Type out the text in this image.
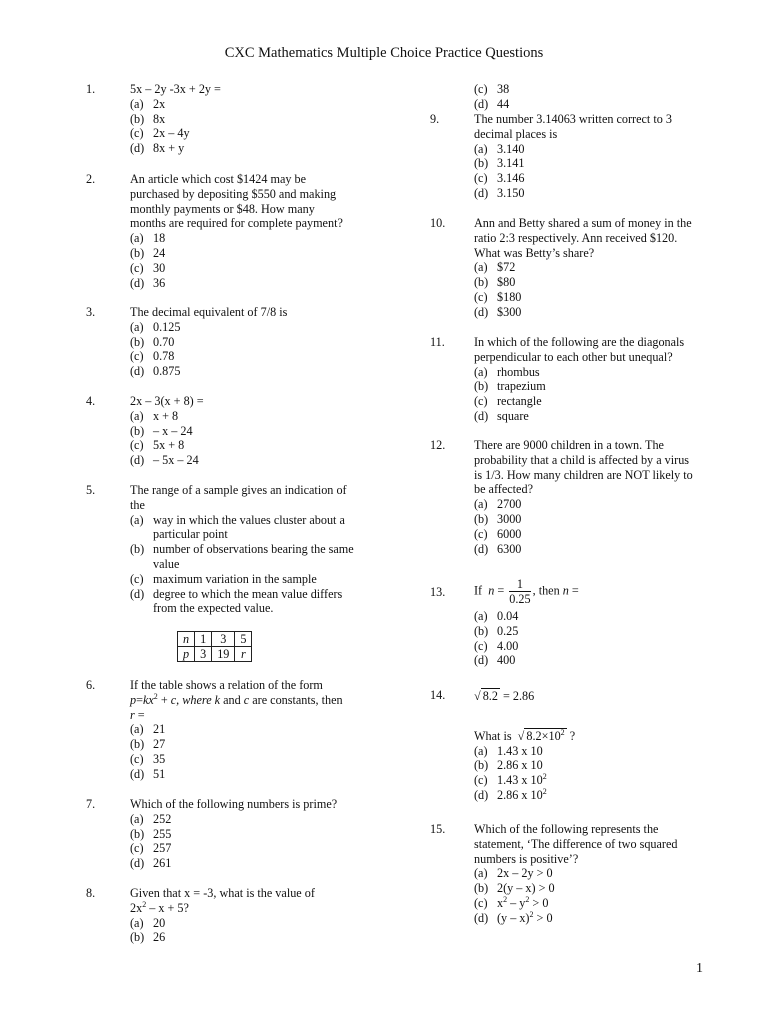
CXC Mathematics Multiple Choice Practice Questions
1.	5x – 2y -3x + 2y =
(a) 2x
(b) 8x
(c) 2x – 4y
(d) 8x + y
2.	An article which cost $1424 may be
purchased by depositing $550 and making
monthly payments or $48. How many
months are required for complete payment?
(a) 18
(b) 24
(c) 30
(d) 36
3.	The decimal equivalent of 7/8 is
(a) 0.125
(b) 0.70
(c) 0.78
(d) 0.875
4.	2x – 3(x + 8) =
(a) x + 8
(b) – x – 24
(c) 5x + 8
(d) – 5x – 24
5.	The range of a sample gives an indication of
the
(a) way in which the values cluster about a particular point
(b) number of observations bearing the same value
(c) maximum variation in the sample
(d) degree to which the mean value differs from the expected value.
n	1	3	5
p	3	19	r
6.	If the table shows a relation of the form
$p=kx^2 + c$, where k and c are constants, then
r =
(a) 21
(b) 27
(c) 35
(d) 51
7.	Which of the following numbers is prime?
(a) 252
(b) 255
(c) 257
(d) 261
8.	Given that x = -3, what is the value of
$2x^2 - x + 5$?
(a) 20
(b) 26
(c) 38
(d) 44
9.	The number 3.14063 written correct to 3
decimal places is
(a) 3.140
(b) 3.141
(c) 3.146
(d) 3.150
10. Ann and Betty shared a sum of money in the
ratio 2:3 respectively. Ann received $120.
What was Betty’s share?
(a) $72
(b) $80
(c) $180
(d) $300
11. In which of the following are the diagonals
perpendicular to each other but unequal?
(a) rhombus
(b) trapezium
(c) rectangle
(d) square
12. There are 9000 children in a town. The
probability that a child is affected by a virus
is 1/3. How many children are NOT likely to
be affected?
(a) 2700
(b) 3000
(c) 6000
(d) 6300
13. If $n = \frac{1}{0.25}$ , then n =
(a) 0.04
(b) 0.25
(c) 4.00
(d) 400
14. √ 8.2 = 2.86
What is  √ $8.2\times 10^2$ ?
(a) 1.43 x 10
(b) 2.86 x 10
(c) 1.43 x $10^2$
(d) 2.86 x $10^2$
15. Which of the following represents the
statement, ‘The difference of two squared
numbers is positive’?
(a) 2x – 2y > 0
(b) 2(y – x) > 0
(c) $x^2 - y^2 > 0$
(d) (y – x)$^2$ > 0
1
